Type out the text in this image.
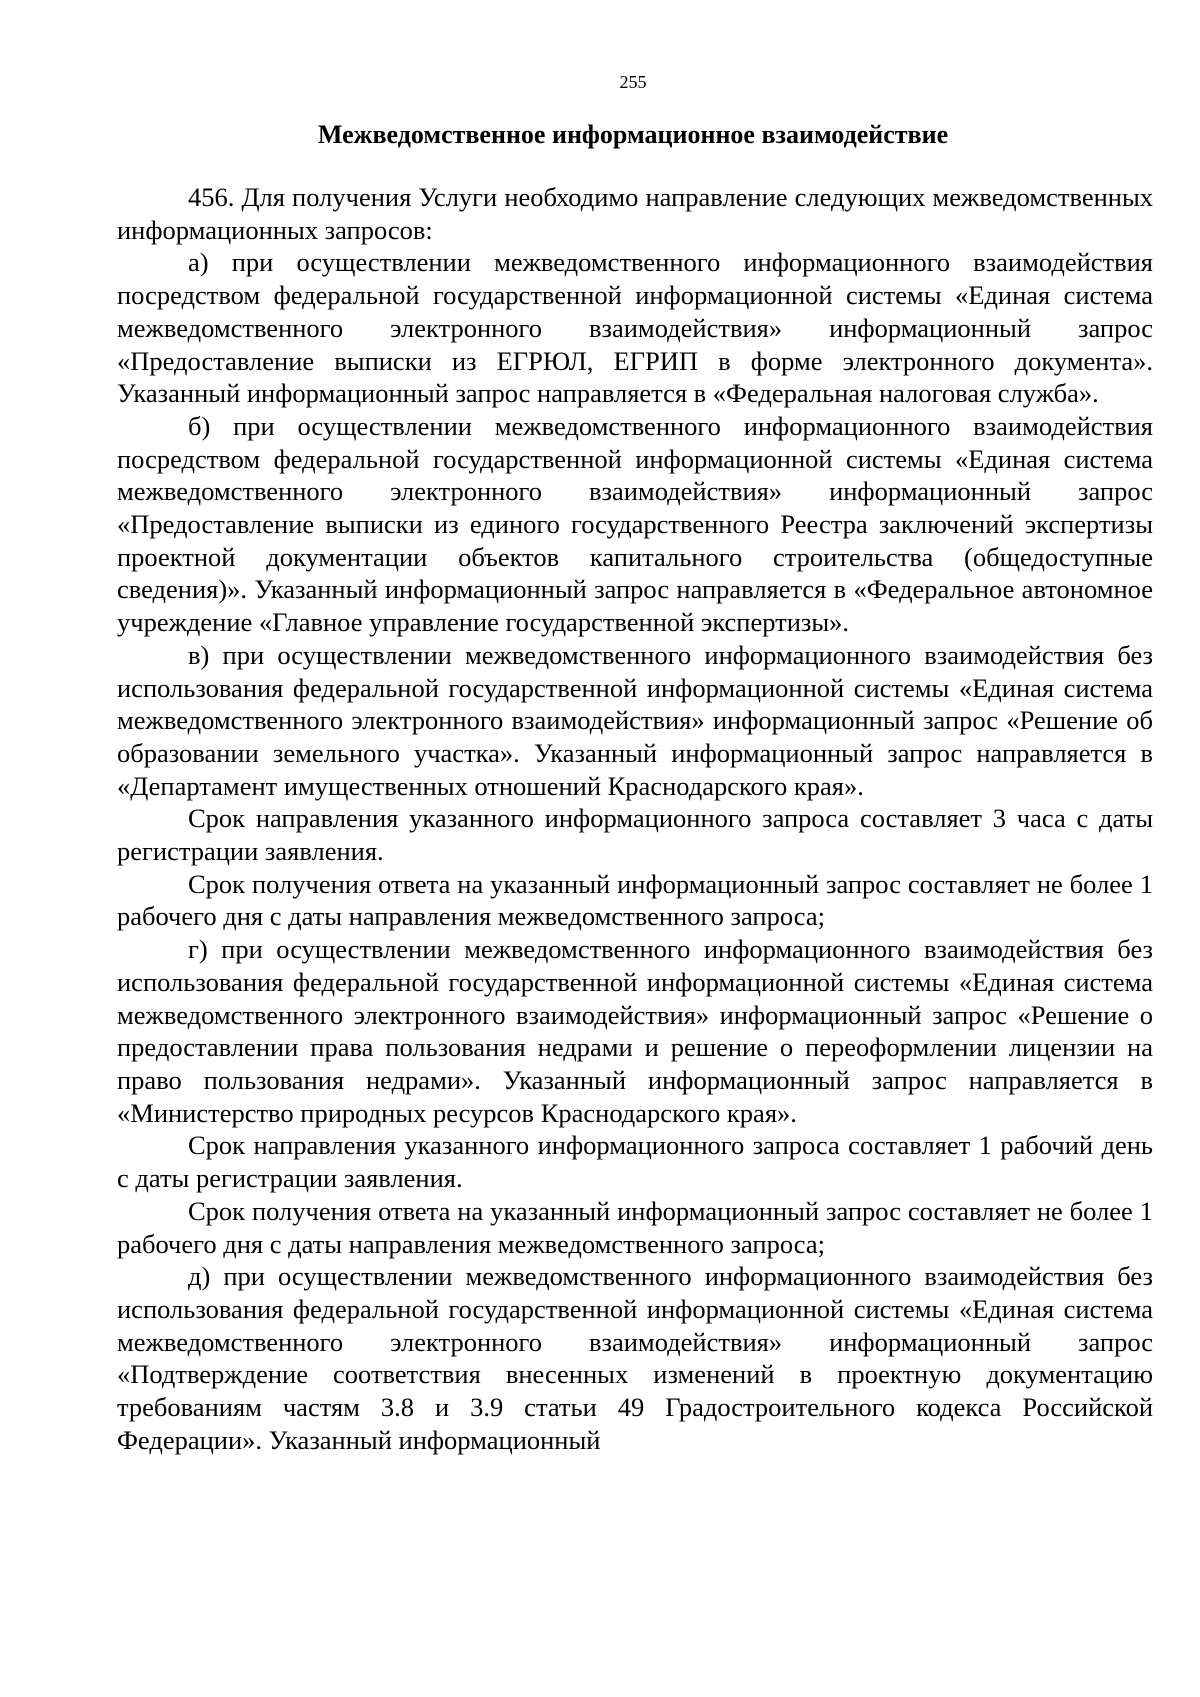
255
Межведомственное информационное взаимодействие

456. Для получения Услуги необходимо направление следующих межведомственных информационных запросов:

а) при осуществлении межведомственного информационного взаимодействия посредством федеральной государственной информационной системы «Единая система межведомственного электронного взаимодействия» информационный запрос «Предоставление выписки из ЕГРЮЛ, ЕГРИП в форме электронного документа». Указанный информационный запрос направляется в «Федеральная налоговая служба».

б) при осуществлении межведомственного информационного взаимодействия посредством федеральной государственной информационной системы «Единая система межведомственного электронного взаимодействия» информационный запрос «Предоставление выписки из единого государственного Реестра заключений экспертизы проектной документации объектов капитального строительства (общедоступные сведения)». Указанный информационный запрос направляется в «Федеральное автономное учреждение «Главное управление государственной экспертизы».

в) при осуществлении межведомственного информационного взаимодействия без использования федеральной государственной информационной системы «Единая система межведомственного электронного взаимодействия» информационный запрос «Решение об образовании земельного участка». Указанный информационный запрос направляется в «Департамент имущественных отношений Краснодарского края».

Срок направления указанного информационного запроса составляет 3 часа с даты регистрации заявления.

Срок получения ответа на указанный информационный запрос составляет не более 1 рабочего дня с даты направления межведомственного запроса;

г) при осуществлении межведомственного информационного взаимодействия без использования федеральной государственной информационной системы «Единая система межведомственного электронного взаимодействия» информационный запрос «Решение о предоставлении права пользования недрами и решение о переоформлении лицензии на право пользования недрами». Указанный информационный запрос направляется в «Министерство природных ресурсов Краснодарского края».

Срок направления указанного информационного запроса составляет 1 рабочий день с даты регистрации заявления.

Срок получения ответа на указанный информационный запрос составляет не более 1 рабочего дня с даты направления межведомственного запроса;

д) при осуществлении межведомственного информационного взаимодействия без использования федеральной государственной информационной системы «Единая система межведомственного электронного взаимодействия» информационный запрос «Подтверждение соответствия внесенных изменений в проектную документацию требованиям частям 3.8 и 3.9 статьи 49 Градостроительного кодекса Российской Федерации». Указанный информационный
